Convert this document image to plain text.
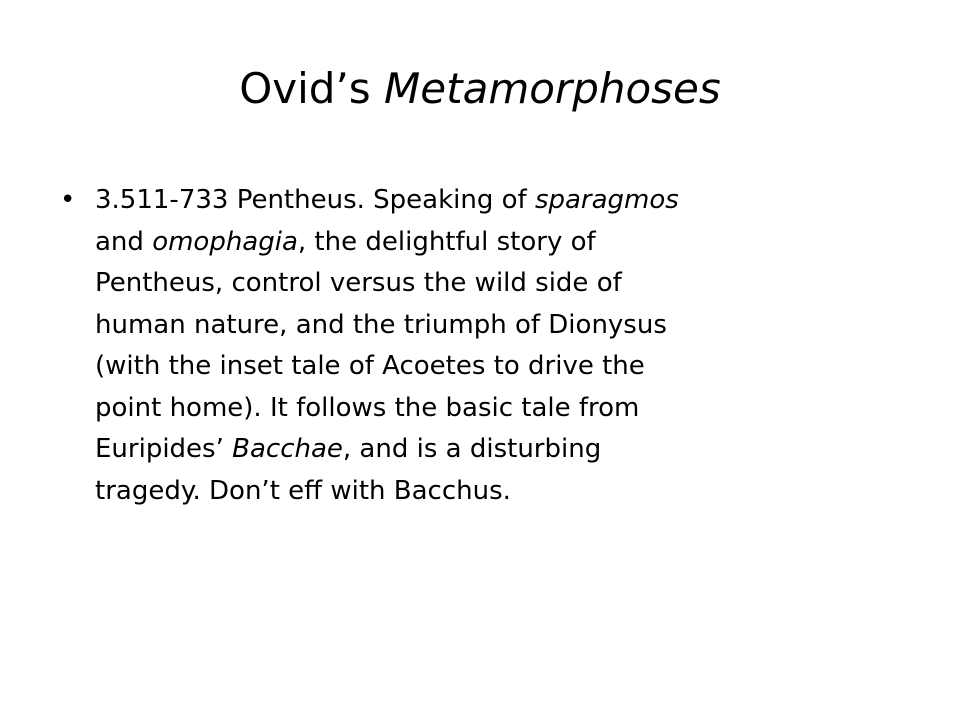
Ovid’s Metamorphoses
• 3.511-733 Pentheus. Speaking of sparagmos
and omophagia, the delightful story of
Pentheus, control versus the wild side of
human nature, and the triumph of Dionysus
(with the inset tale of Acoetes to drive the
point home). It follows the basic tale from
Euripides’ Bacchae, and is a disturbing
tragedy. Don’t eff with Bacchus.
